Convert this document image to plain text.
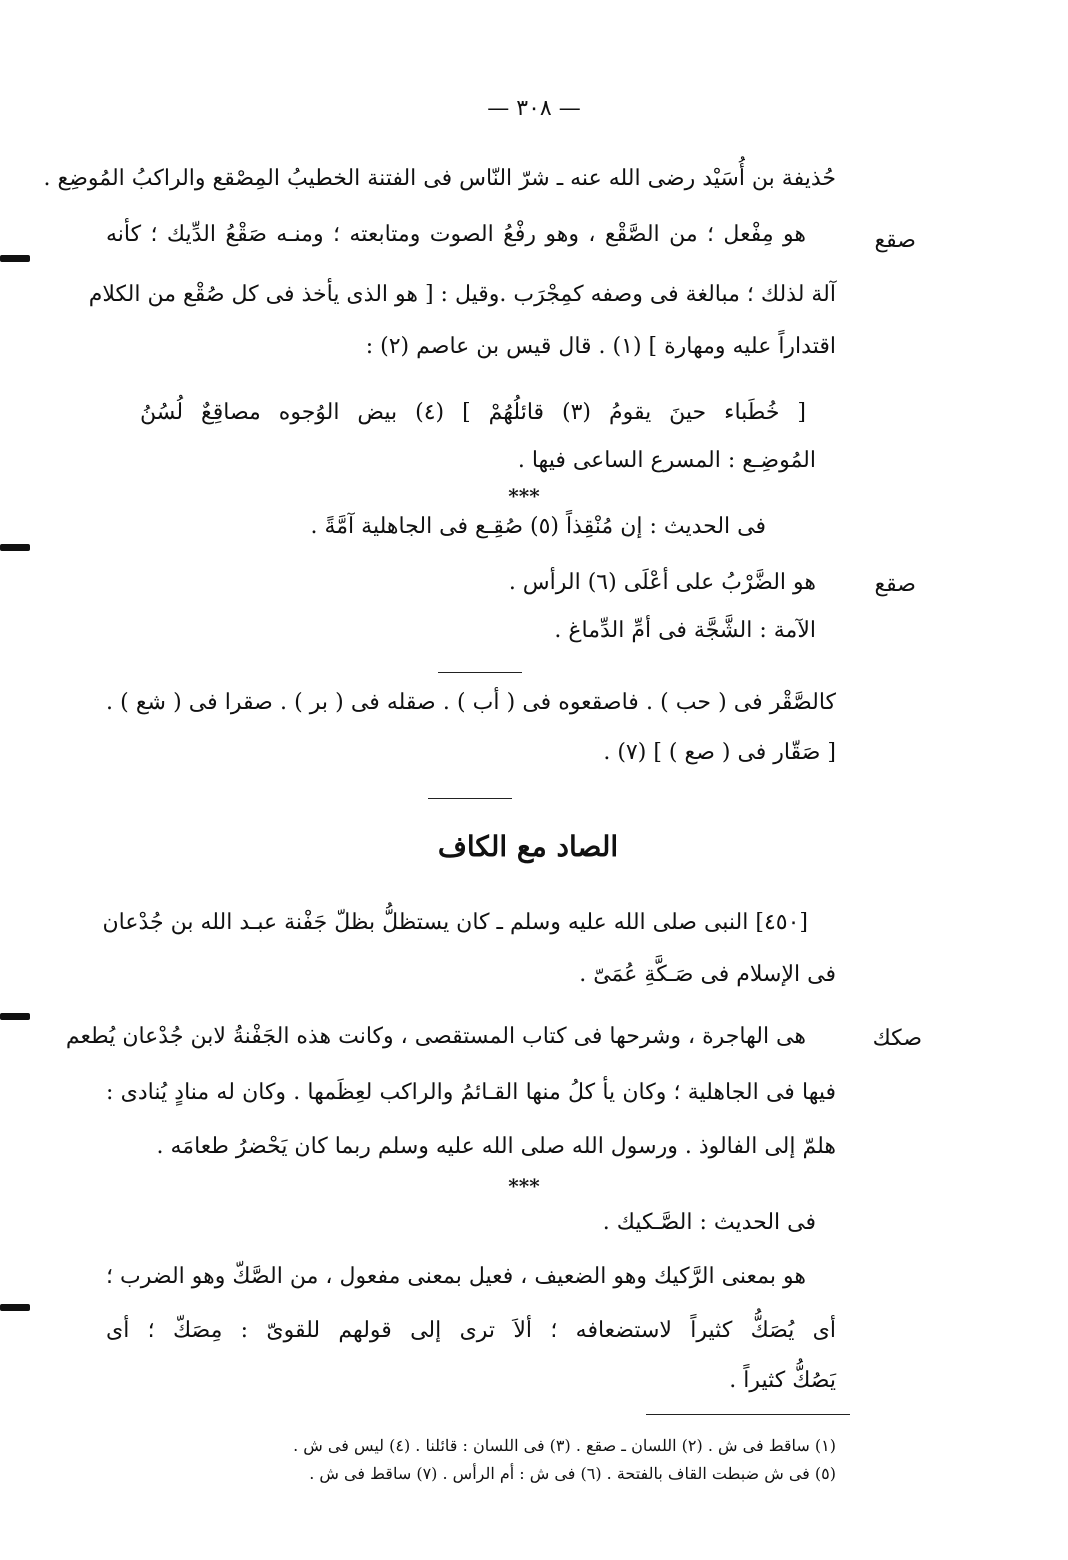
— ٣٠٨ —
حُذيفة بن أُسَيْد رضى الله عنه ـ شرّ النّاس فى الفتنة الخطيبُ المِصْقع والراكبُ المُوضِع .
صقع
هو مِفْعل ؛ من الصَّقْع ، وهو رفْعُ الصوت ومتابعته ؛ ومنـه صَقْعُ الدِّيك ؛ كأنه
آلة لذلك ؛ مبالغة فى وصفه كمِجْرَب .وقيل : [ هو الذى يأخذ فى كل صُقْع من الكلام
اقتداراً عليه ومهارة ] (١) . قال قيس بن عاصم (٢) :
[ خُطَباء حينَ يقومُ (٣) قائلُهُمْ ] (٤) بيض الوُجوه مصاقِعٌ لُسُنُ
المُوضِـع : المسرع الساعى فيها .
***
فى الحديث : إن مُنْقِذاً (٥) صُقِـع فى الجاهلية آمَّةً .
صقع
هو الضَّرْبُ على أعْلَى (٦) الرأس .
الآمة : الشَّجَّة فى أمِّ الدِّماغ .
كالصَّقْر فى ( حب ) . فاصقعوه فى ( أب ) . صقله فى ( بر ) . صقرا فى ( شع ) .
[ صَقّار فى ( صع ) ] (٧) .
الصاد مع الكاف
[٤٥٠] النبى صلى الله عليه وسلم ـ كان يستظلُّ بظلّ جَفْنة عبـد الله بن جُدْعان
فى الإسلام فى صَـكَّةِ عُمَىّ .
صكك
هى الهاجرة ، وشرحها فى كتاب المستقصى ، وكانت هذه الجَفْنةُ لابن جُدْعان يُطعم
فيها فى الجاهلية ؛ وكان يأ كلُ منها القـائمُ والراكب لعِظَمها . وكان له منادٍ يُنادى :
هلمّ إلى الفالوذ . ورسول الله صلى الله عليه وسلم ربما كان يَحْضرُ طعامَه .
***
فى الحديث : الصَّـكيك .
هو بمعنى الرَّكيك وهو الضعيف ، فعيل بمعنى مفعول ، من الصَّكّ وهو الضرب ؛
أى يُصَكُّ كثيراً لاستضعافه ؛ ألاَ ترى إلى قولهم للقوىّ : مِصَكّ ؛ أى
يَصُكُّ كثيراً .
(١) ساقط فى ش . (٢) اللسان ـ صقع . (٣) فى اللسان : قائلنا . (٤) ليس فى ش .
(٥) فى ش ضبطت القاف بالفتحة . (٦) فى ش : أم الرأس . (٧) ساقط فى ش .
